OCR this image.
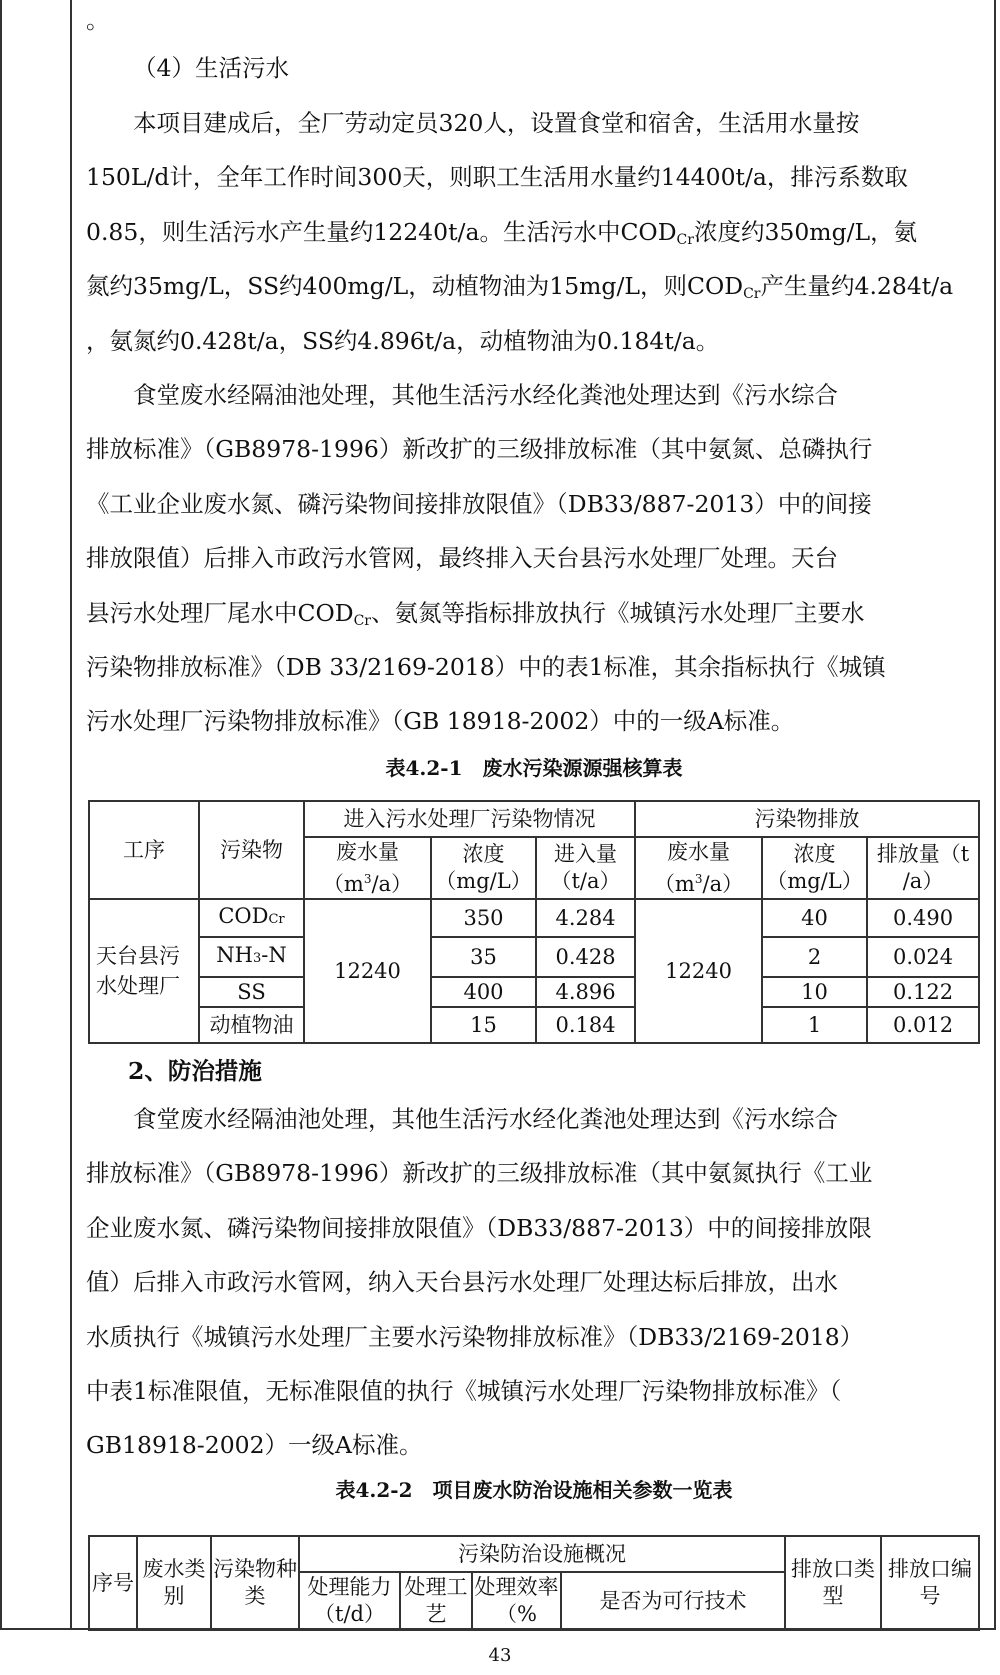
。

（4）生活污水

本项目建成后，全厂劳动定员320人，设置食堂和宿舍，生活用水量按

150L/d计，全年工作时间300天，则职工生活用水量约14400t/a，排污系数取

0.85，则生活污水产生量约12240t/a。生活污水中$COD_{Cr}$浓度约350mg/L，氨

氮约35mg/L，SS约400mg/L，动植物油为15mg/L，则$COD_{Cr}$产生量约4.284t/a

，氨氮约0.428t/a，SS约4.896t/a，动植物油为0.184t/a。

食堂废水经隔油池处理，其他生活污水经化粪池处理达到《污水综合

排放标准》（GB8978-1996）新改扩的三级排放标准（其中氨氮、总磷执行

《工业企业废水氮、磷污染物间接排放限值》（DB33/887-2013）中的间接

排放限值）后排入市政污水管网，最终排入天台县污水处理厂处理。天台

县污水处理厂尾水中$COD_{Cr}$、氨氮等指标排放执行《城镇污水处理厂主要水

污染物排放标准》（DB 33/2169-2018）中的表1标准，其余指标执行《城镇

污水处理厂污染物排放标准》（GB 18918-2002）中的一级A标准。

表4.2-1　废水污染源源强核算表

工序	污染物	进入污水处理厂污染物情况			污染物排放		
		废水量
$(m^3/a)$	浓度
（mg/L）	进入量
（t/a）	废水量
$(m^3/a)$	浓度
（mg/L）	排放量（t
/a）
天台县污水处理厂	CODCr	12240	350	4.284	12240	40	0.490
	NH3-N		35	0.428		2	0.024
	SS		400	4.896		10	0.122
	动植物油		15	0.184		1	0.012

2、防治措施

食堂废水经隔油池处理，其他生活污水经化粪池处理达到《污水综合

排放标准》（GB8978-1996）新改扩的三级排放标准（其中氨氮执行《工业

企业废水氮、磷污染物间接排放限值》（DB33/887-2013）中的间接排放限

值）后排入市政污水管网，纳入天台县污水处理厂处理达标后排放，出水

水质执行《城镇污水处理厂主要水污染物排放标准》（DB33/2169-2018）

中表1标准限值，无标准限值的执行《城镇污水处理厂污染物排放标准》（

GB18918-2002）一级A标准。

表4.2-2　项目废水防治设施相关参数一览表

序号	废水类别	污染物种类	污染防治设施概况				排放口类型	排放口编号
			处理能力
（t/d）	处理工艺	处理效率（%	是否为可行技术		
43
